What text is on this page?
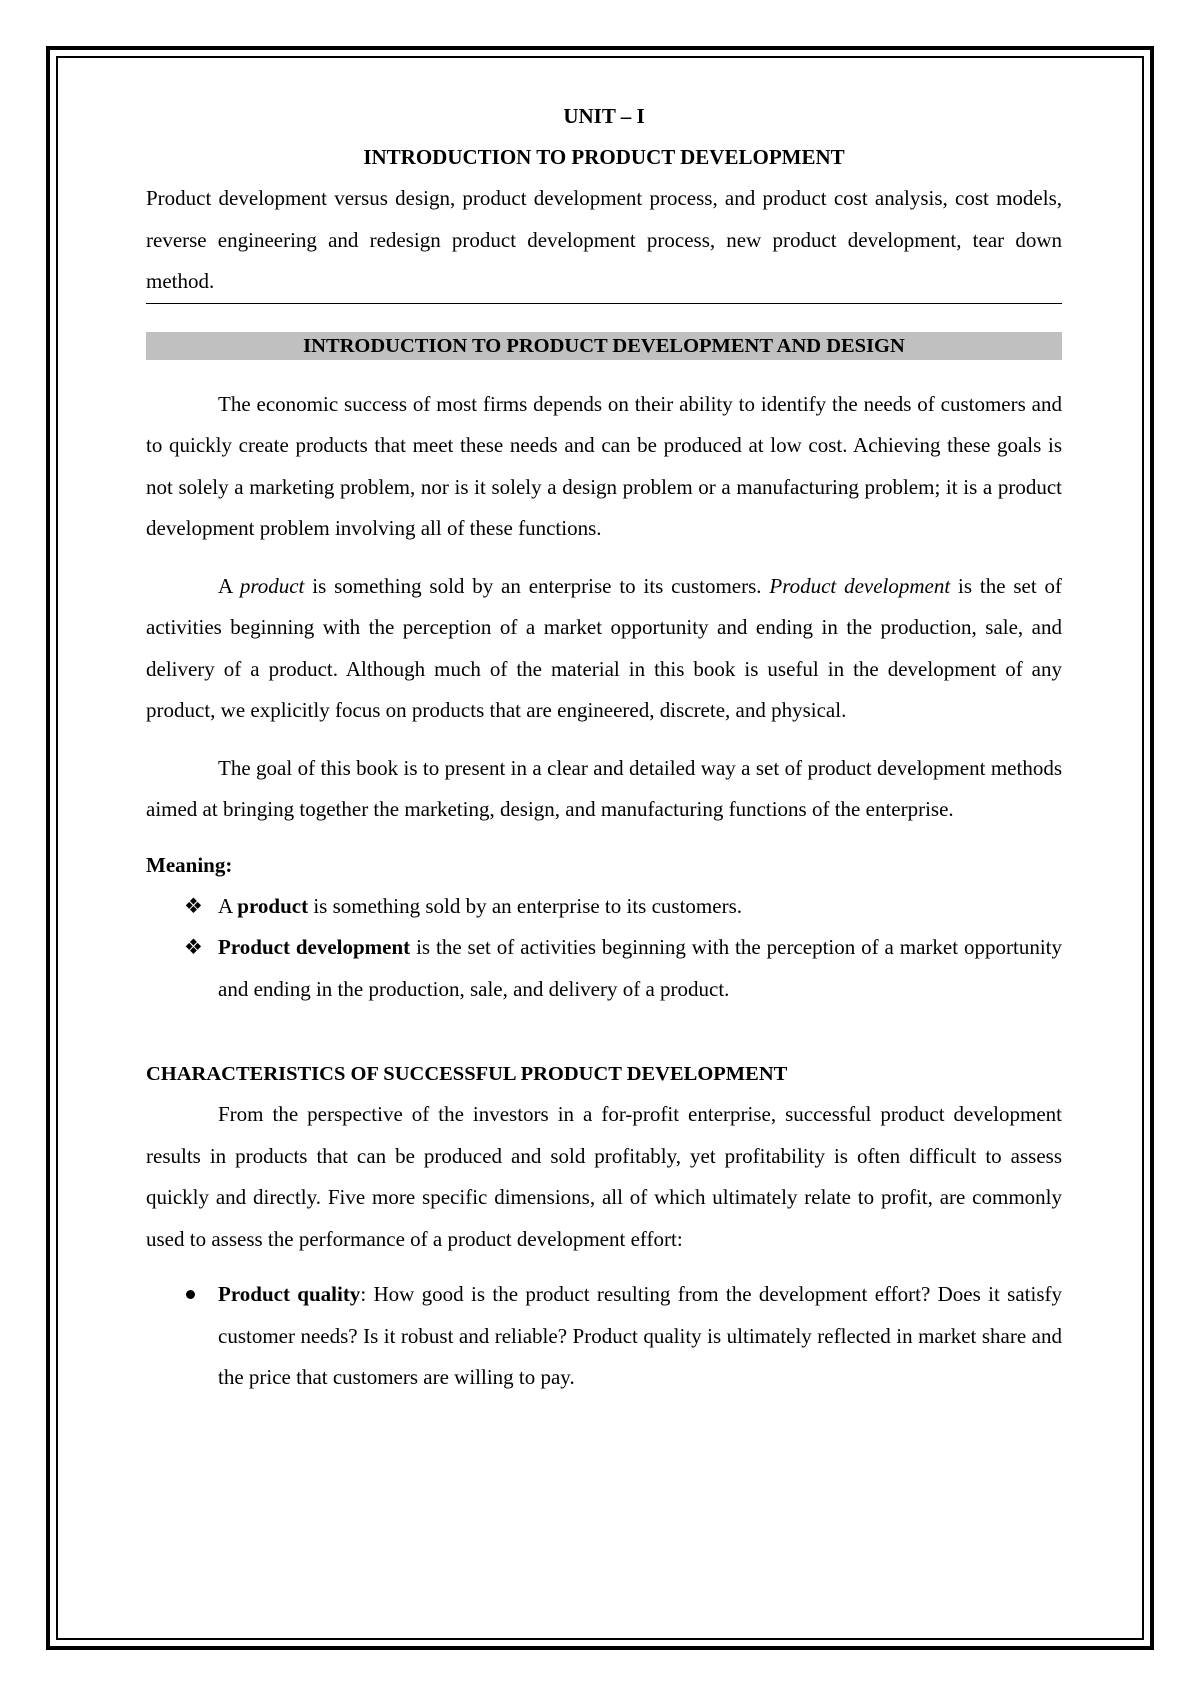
UNIT – I
INTRODUCTION TO PRODUCT DEVELOPMENT
Product development versus design, product development process, and product cost analysis, cost models, reverse engineering and redesign product development process, new product development, tear down method.
INTRODUCTION TO PRODUCT DEVELOPMENT AND DESIGN

The economic success of most firms depends on their ability to identify the needs of customers and to quickly create products that meet these needs and can be produced at low cost. Achieving these goals is not solely a marketing problem, nor is it solely a design problem or a manufacturing problem; it is a product development problem involving all of these functions.

A product is something sold by an enterprise to its customers. Product development is the set of activities beginning with the perception of a market opportunity and ending in the production, sale, and delivery of a product. Although much of the material in this book is useful in the development of any product, we explicitly focus on products that are engineered, discrete, and physical.

The goal of this book is to present in a clear and detailed way a set of product development methods aimed at bringing together the marketing, design, and manufacturing functions of the enterprise.

Meaning:
❖ A product is something sold by an enterprise to its customers.
❖ Product development is the set of activities beginning with the perception of a market opportunity and ending in the production, sale, and delivery of a product.
CHARACTERISTICS OF SUCCESSFUL PRODUCT DEVELOPMENT

From the perspective of the investors in a for-profit enterprise, successful product development results in products that can be produced and sold profitably, yet profitability is often difficult to assess quickly and directly. Five more specific dimensions, all of which ultimately relate to profit, are commonly used to assess the performance of a product development effort:

Product quality: How good is the product resulting from the development effort? Does it satisfy customer needs? Is it robust and reliable? Product quality is ultimately reflected in market share and the price that customers are willing to pay.
